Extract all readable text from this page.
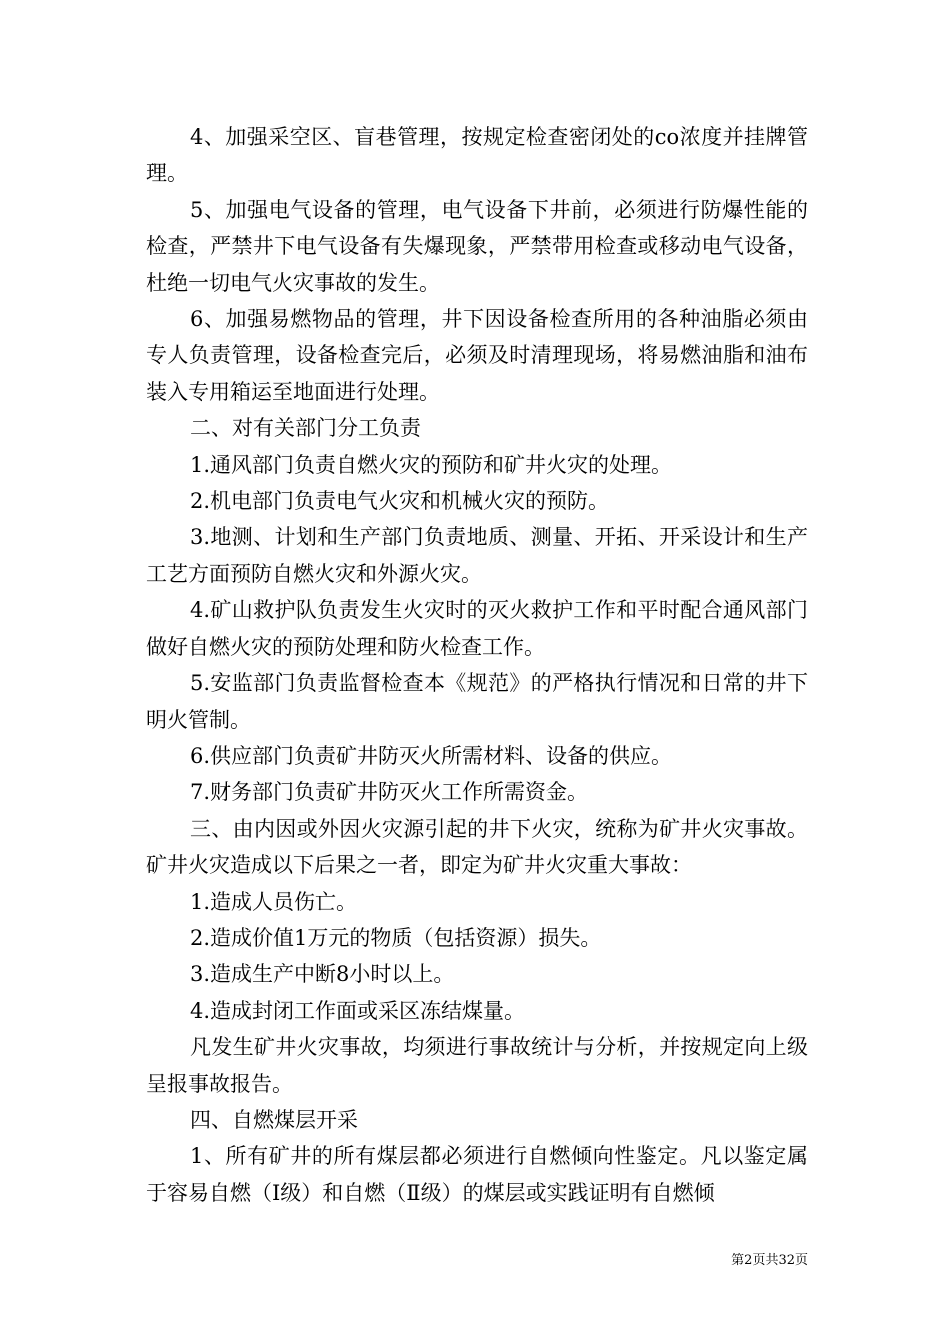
4、加强采空区、盲巷管理，按规定检查密闭处的co浓度并挂牌管理。

5、加强电气设备的管理，电气设备下井前，必须进行防爆性能的检查，严禁井下电气设备有失爆现象，严禁带用检查或移动电气设备，杜绝一切电气火灾事故的发生。

6、加强易燃物品的管理，井下因设备检查所用的各种油脂必须由专人负责管理，设备检查完后，必须及时清理现场，将易燃油脂和油布装入专用箱运至地面进行处理。

二、对有关部门分工负责

1.通风部门负责自燃火灾的预防和矿井火灾的处理。

2.机电部门负责电气火灾和机械火灾的预防。

3.地测、计划和生产部门负责地质、测量、开拓、开采设计和生产工艺方面预防自燃火灾和外源火灾。

4.矿山救护队负责发生火灾时的灭火救护工作和平时配合通风部门做好自燃火灾的预防处理和防火检查工作。

5.安监部门负责监督检查本《规范》的严格执行情况和日常的井下明火管制。

6.供应部门负责矿井防灭火所需材料、设备的供应。

7.财务部门负责矿井防灭火工作所需资金。

三、由内因或外因火灾源引起的井下火灾，统称为矿井火灾事故。矿井火灾造成以下后果之一者，即定为矿井火灾重大事故：

1.造成人员伤亡。

2.造成价值1万元的物质（包括资源）损失。

3.造成生产中断8小时以上。

4.造成封闭工作面或采区冻结煤量。

凡发生矿井火灾事故，均须进行事故统计与分析，并按规定向上级呈报事故报告。

四、自燃煤层开采

1、所有矿井的所有煤层都必须进行自燃倾向性鉴定。凡以鉴定属于容易自燃（Ⅰ级）和自燃（Ⅱ级）的煤层或实践证明有自燃倾

第2页共32页
